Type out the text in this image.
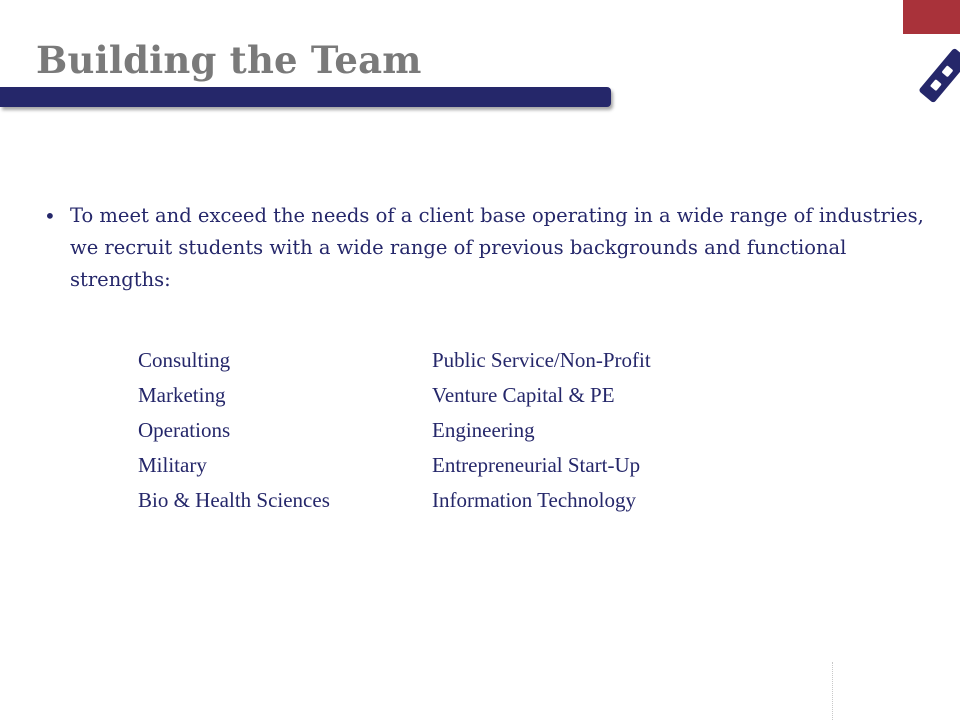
Building the Team
• To meet and exceed the needs of a client base operating in a wide range of industries, we recruit students with a wide range of previous backgrounds and functional strengths:
Consulting
Marketing
Operations
Military
Bio & Health Sciences
Public Service/Non-Profit
Venture Capital & PE
Engineering
Entrepreneurial Start-Up
Information Technology
